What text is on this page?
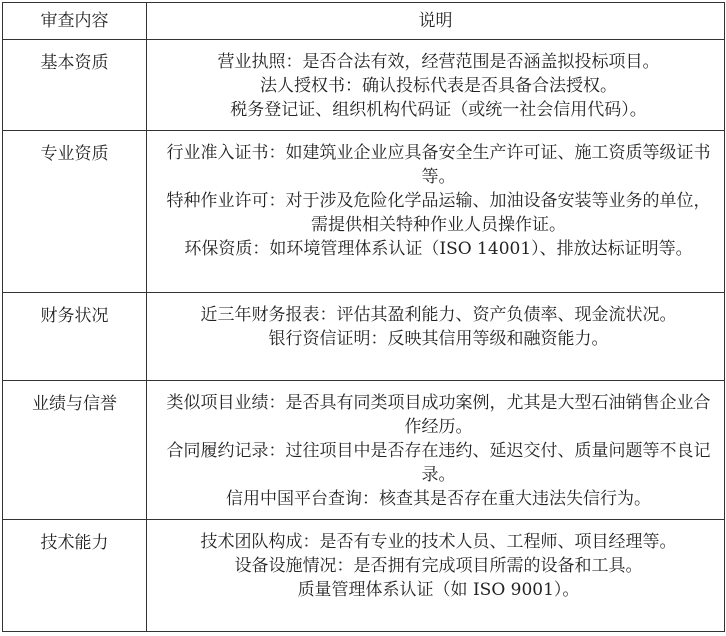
审查内容	说明
基本资质	营业执照：是否合法有效，经营范围是否涵盖拟投标项目。
法人授权书：确认投标代表是否具备合法授权。
税务登记证、组织机构代码证（或统一社会信用代码）。

专业资质	行业准入证书：如建筑业企业应具备安全生产许可证、施工资质等级证书等。
特种作业许可：对于涉及危险化学品运输、加油设备安装等业务的单位，需提供相关特种作业人员操作证。
环保资质：如环境管理体系认证（ISO 14001）、排放达标证明等。

财务状况	近三年财务报表：评估其盈利能力、资产负债率、现金流状况。
银行资信证明：反映其信用等级和融资能力。

业绩与信誉	类似项目业绩：是否具有同类项目成功案例，尤其是大型石油销售企业合作经历。
合同履约记录：过往项目中是否存在违约、延迟交付、质量问题等不良记录。
信用中国平台查询：核查其是否存在重大违法失信行为。

技术能力	技术团队构成：是否有专业的技术人员、工程师、项目经理等。
设备设施情况：是否拥有完成项目所需的设备和工具。
质量管理体系认证（如 ISO 9001）。
